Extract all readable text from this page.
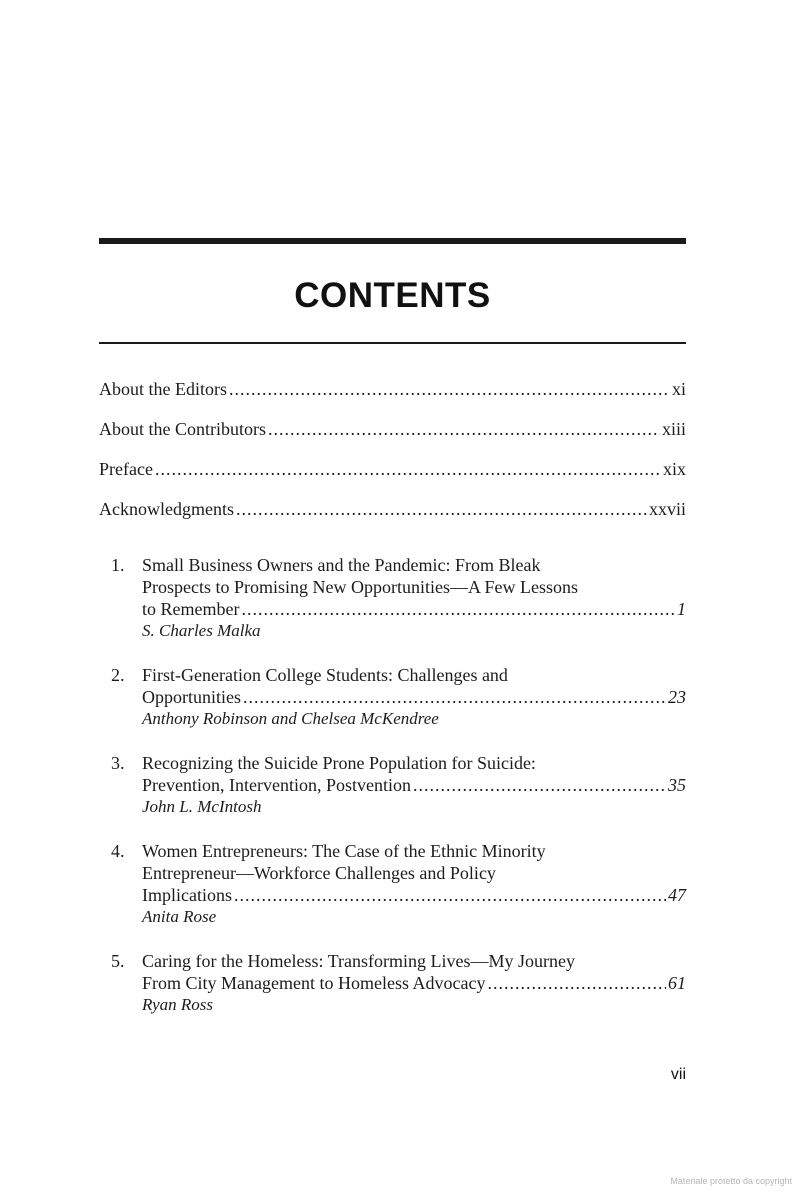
CONTENTS
About the Editors .....	xi
About the Contributors .....	xiii
Preface .....	xix
Acknowledgments .....	xxvii
1. Small Business Owners and the Pandemic: From Bleak
Prospects to Promising New Opportunities—A Few Lessons
to Remember .....	1
S. Charles Malka
2. First-Generation College Students: Challenges and
Opportunities .....	23
Anthony Robinson and Chelsea McKendree
3. Recognizing the Suicide Prone Population for Suicide:
Prevention, Intervention, Postvention .....	35
John L. McIntosh
4. Women Entrepreneurs: The Case of the Ethnic Minority
Entrepreneur—Workforce Challenges and Policy
Implications .....	47
Anita Rose
5. Caring for the Homeless: Transforming Lives—My Journey
From City Management to Homeless Advocacy .....	61
Ryan Ross
vii
Materiale protetto da copyright
